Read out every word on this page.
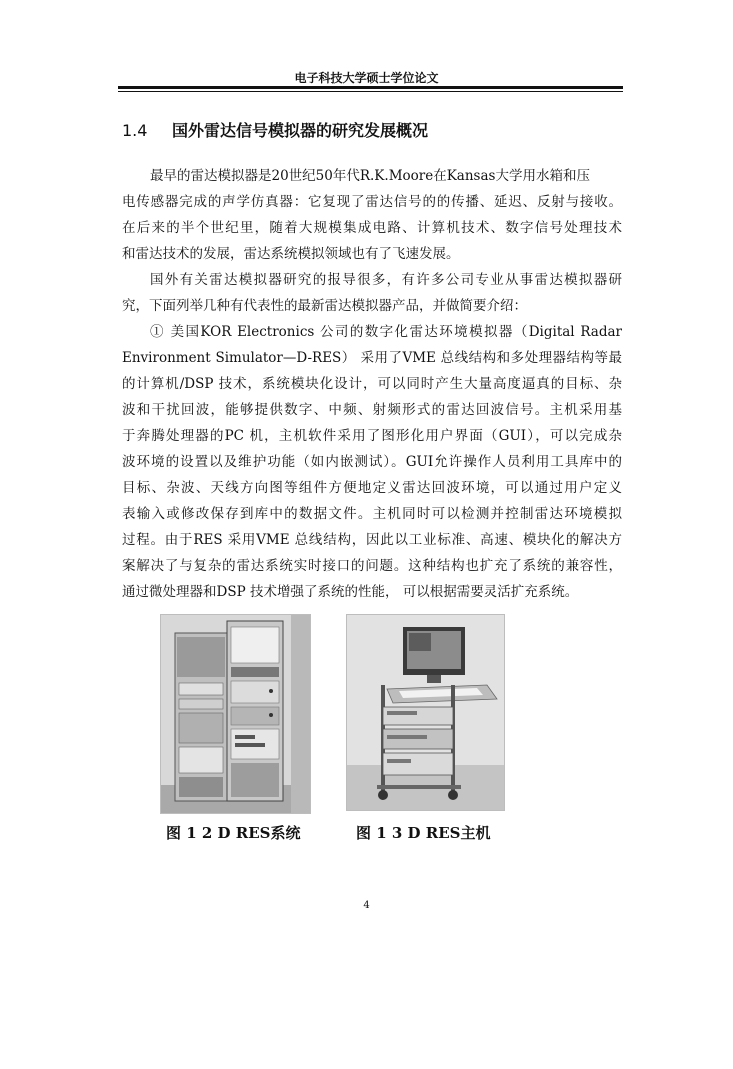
电子科技大学硕士学位论文
1.4 国外雷达信号模拟器的研究发展概况
最早的雷达模拟器是20世纪50年代R.K.Moore在Kansas大学用水箱和压
电传感器完成的声学仿真器：它复现了雷达信号的的传播、延迟、反射与接收。
在后来的半个世纪里，随着大规模集成电路、计算机技术、数字信号处理技术
和雷达技术的发展，雷达系统模拟领域也有了飞速发展。
国外有关雷达模拟器研究的报导很多，有许多公司专业从事雷达模拟器研
究，下面列举几种有代表性的最新雷达模拟器产品，并做简要介绍：
① 美国KOR Electronics 公司的数字化雷达环境模拟器（Digital Radar
Environment Simulator—D-RES） 采用了VME 总线结构和多处理器结构等最
的计算机/DSP 技术，系统模块化设计，可以同时产生大量高度逼真的目标、杂
波和干扰回波，能够提供数字、中频、射频形式的雷达回波信号。主机采用基
于奔腾处理器的PC 机，主机软件采用了图形化用户界面（GUI），可以完成杂
波环境的设置以及维护功能（如内嵌测试）。GUI允许操作人员利用工具库中的
目标、杂波、天线方向图等组件方便地定义雷达回波环境，可以通过用户定义
表输入或修改保存到库中的数据文件。主机同时可以检测并控制雷达环境模拟
过程。由于RES 采用VME 总线结构，因此以工业标准、高速、模块化的解决方
案解决了与复杂的雷达系统实时接口的问题。这种结构也扩充了系统的兼容性，
通过微处理器和DSP 技术增强了系统的性能， 可以根据需要灵活扩充系统。
图 1 2 D RES系统	图 1 3 D RES主机
4
